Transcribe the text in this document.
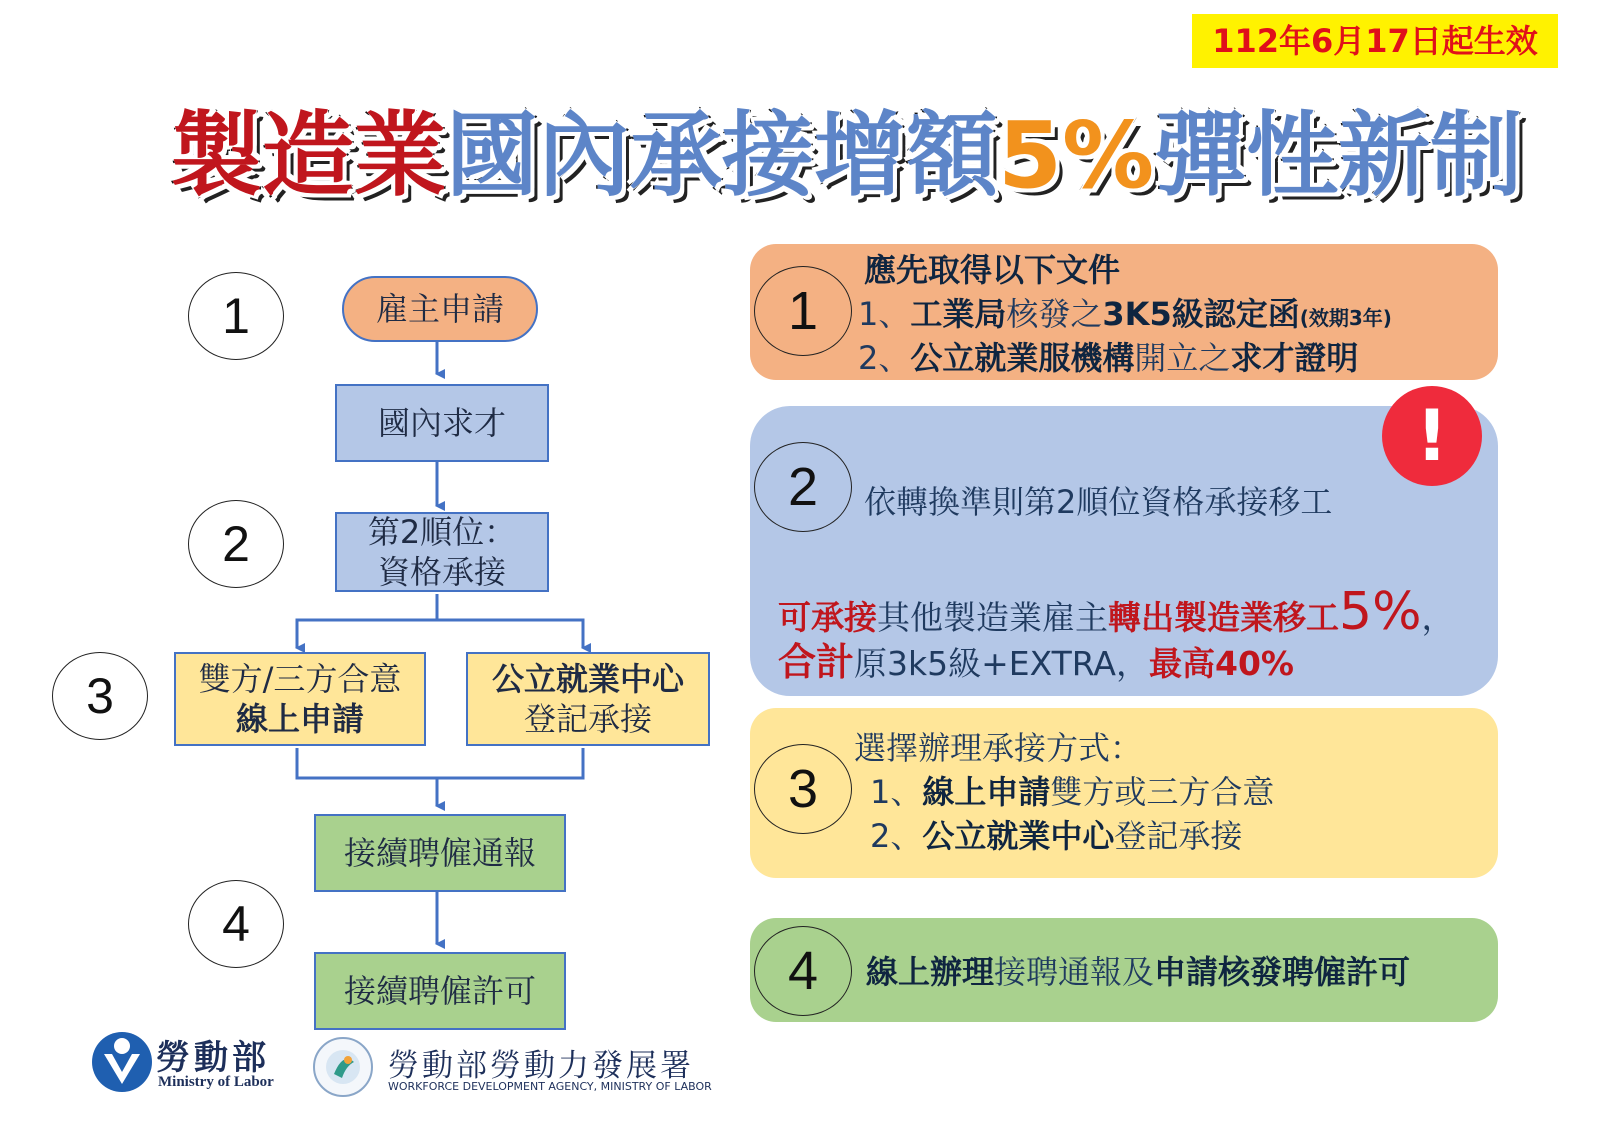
112年6月17日起生效
製造業國內承接增額5%彈性新制
1
2
3
4
雇主申請
國內求才
第2順位：
資格承接
雙方/三方合意
線上申請
公立就業中心
登記承接
接續聘僱通報
接續聘僱許可
1
應先取得以下文件
1、工業局核發之3K5級認定函(效期3年)
2、公立就業服機構開立之求才證明
2	依轉換準則第2順位資格承接移工
可承接其他製造業雇主轉出製造業移工5%，
合計原3k5級+EXTRA，最高40%
!
3
選擇辦理承接方式：
1、線上申請雙方或三方合意
2、公立就業中心登記承接
4	線上辦理接聘通報及申請核發聘僱許可
勞動部
Ministry of Labor	勞動部勞動力發展署
WORKFORCE DEVELOPMENT AGENCY, MINISTRY OF LABOR
